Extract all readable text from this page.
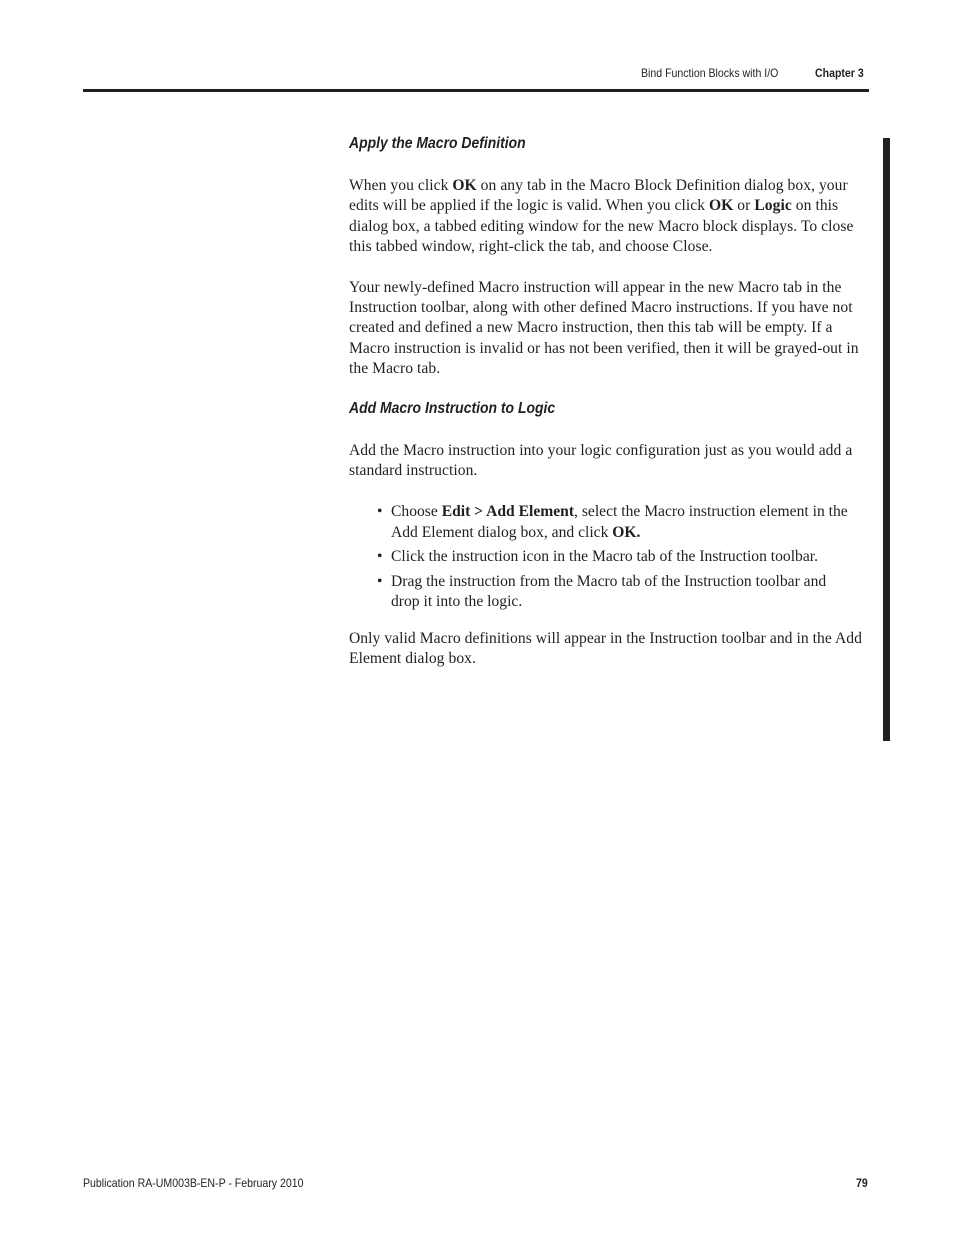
Bind Function Blocks with I/O	Chapter 3
Apply the Macro Definition

When you click OK on any tab in the Macro Block Definition dialog box, your edits will be applied if the logic is valid. When you click OK or Logic on this dialog box, a tabbed editing window for the new Macro block displays. To close this tabbed window, right-click the tab, and choose Close.

Your newly-defined Macro instruction will appear in the new Macro tab in the Instruction toolbar, along with other defined Macro instructions. If you have not created and defined a new Macro instruction, then this tab will be empty. If a Macro instruction is invalid or has not been verified, then it will be grayed-out in the Macro tab.

Add Macro Instruction to Logic

Add the Macro instruction into your logic configuration just as you would add a standard instruction.

• Choose Edit > Add Element, select the Macro instruction element in the Add Element dialog box, and click OK.
• Click the instruction icon in the Macro tab of the Instruction toolbar.
• Drag the instruction from the Macro tab of the Instruction toolbar and drop it into the logic.

Only valid Macro definitions will appear in the Instruction toolbar and in the Add Element dialog box.

Publication RA-UM003B-EN-P - February 2010	79
